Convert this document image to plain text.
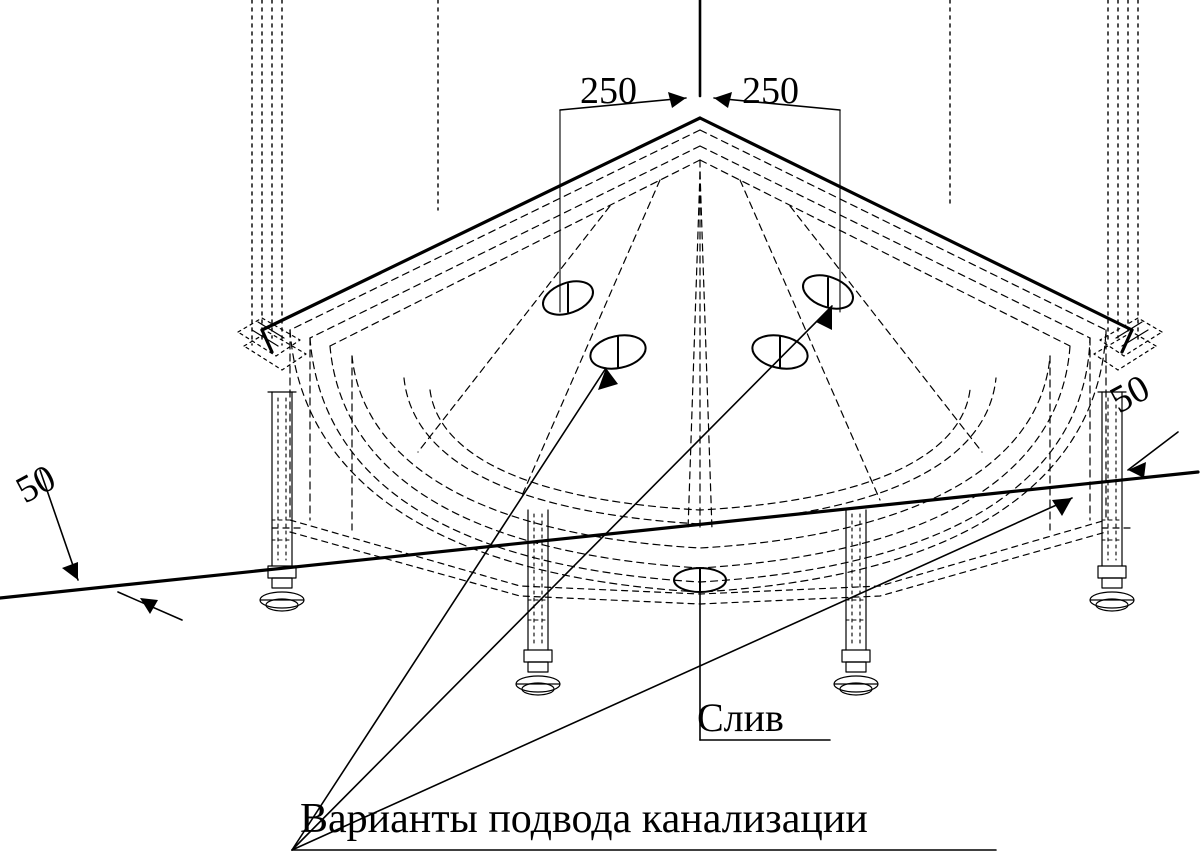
250	250
50
50
Слив
Варианты подвода канализации
